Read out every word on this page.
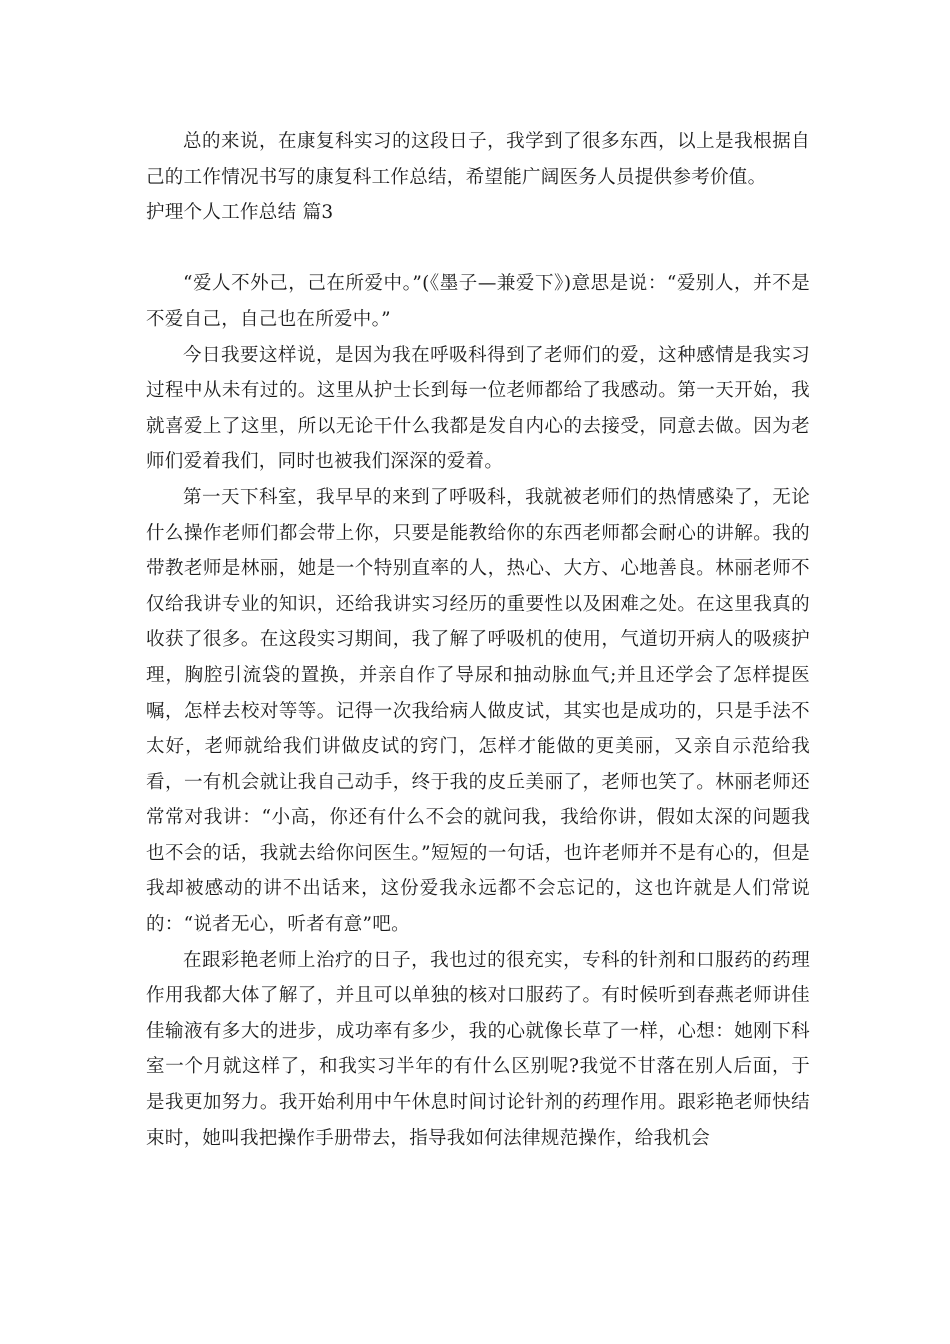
总的来说，在康复科实习的这段日子，我学到了很多东西，以上是我根据自己的工作情况书写的康复科工作总结，希望能广阔医务人员提供参考价值。

护理个人工作总结 篇3

“爱人不外己，己在所爱中。”(《墨子—兼爱下》)意思是说：“爱别人，并不是不爱自己，自己也在所爱中。”

今日我要这样说，是因为我在呼吸科得到了老师们的爱，这种感情是我实习过程中从未有过的。这里从护士长到每一位老师都给了我感动。第一天开始，我就喜爱上了这里，所以无论干什么我都是发自内心的去接受，同意去做。因为老师们爱着我们，同时也被我们深深的爱着。

第一天下科室，我早早的来到了呼吸科，我就被老师们的热情感染了，无论什么操作老师们都会带上你，只要是能教给你的东西老师都会耐心的讲解。我的带教老师是林丽，她是一个特别直率的人，热心、大方、心地善良。林丽老师不仅给我讲专业的知识，还给我讲实习经历的重要性以及困难之处。在这里我真的收获了很多。在这段实习期间，我了解了呼吸机的使用，气道切开病人的吸痰护理，胸腔引流袋的置换，并亲自作了导尿和抽动脉血气;并且还学会了怎样提医嘱，怎样去校对等等。记得一次我给病人做皮试，其实也是成功的，只是手法不太好，老师就给我们讲做皮试的窍门，怎样才能做的更美丽，又亲自示范给我看，一有机会就让我自己动手，终于我的皮丘美丽了，老师也笑了。林丽老师还常常对我讲：“小高，你还有什么不会的就问我，我给你讲，假如太深的问题我也不会的话，我就去给你问医生。”短短的一句话，也许老师并不是有心的，但是我却被感动的讲不出话来，这份爱我永远都不会忘记的，这也许就是人们常说的：“说者无心，听者有意”吧。

在跟彩艳老师上治疗的日子，我也过的很充实，专科的针剂和口服药的药理作用我都大体了解了，并且可以单独的核对口服药了。有时候听到春燕老师讲佳佳输液有多大的进步，成功率有多少，我的心就像长草了一样，心想：她刚下科室一个月就这样了，和我实习半年的有什么区别呢?我觉不甘落在别人后面，于是我更加努力。我开始利用中午休息时间讨论针剂的药理作用。跟彩艳老师快结束时，她叫我把操作手册带去，指导我如何法律规范操作，给我机会
